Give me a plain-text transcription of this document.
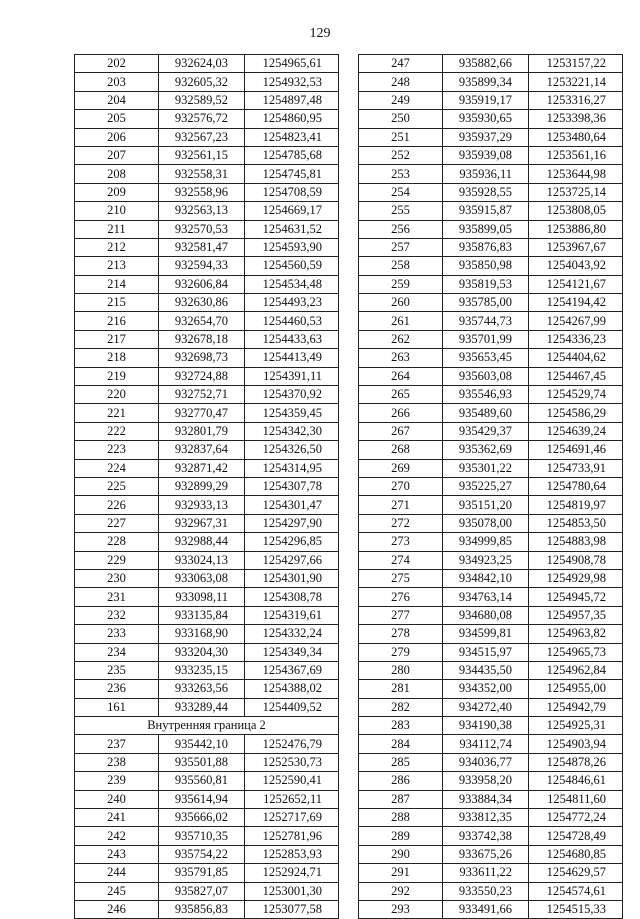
129
202	932624,03	1254965,61
203	932605,32	1254932,53
204	932589,52	1254897,48
205	932576,72	1254860,95
206	932567,23	1254823,41
207	932561,15	1254785,68
208	932558,31	1254745,81
209	932558,96	1254708,59
210	932563,13	1254669,17
211	932570,53	1254631,52
212	932581,47	1254593,90
213	932594,33	1254560,59
214	932606,84	1254534,48
215	932630,86	1254493,23
216	932654,70	1254460,53
217	932678,18	1254433,63
218	932698,73	1254413,49
219	932724,88	1254391,11
220	932752,71	1254370,92
221	932770,47	1254359,45
222	932801,79	1254342,30
223	932837,64	1254326,50
224	932871,42	1254314,95
225	932899,29	1254307,78
226	932933,13	1254301,47
227	932967,31	1254297,90
228	932988,44	1254296,85
229	933024,13	1254297,66
230	933063,08	1254301,90
231	933098,11	1254308,78
232	933135,84	1254319,61
233	933168,90	1254332,24
234	933204,30	1254349,34
235	933235,15	1254367,69
236	933263,56	1254388,02
161	933289,44	1254409,52
Внутренняя граница 2		
237	935442,10	1252476,79
238	935501,88	1252530,73
239	935560,81	1252590,41
240	935614,94	1252652,11
241	935666,02	1252717,69
242	935710,35	1252781,96
243	935754,22	1252853,93
244	935791,85	1252924,71
245	935827,07	1253001,30
246	935856,83	1253077,58
247	935882,66	1253157,22
248	935899,34	1253221,14
249	935919,17	1253316,27
250	935930,65	1253398,36
251	935937,29	1253480,64
252	935939,08	1253561,16
253	935936,11	1253644,98
254	935928,55	1253725,14
255	935915,87	1253808,05
256	935899,05	1253886,80
257	935876,83	1253967,67
258	935850,98	1254043,92
259	935819,53	1254121,67
260	935785,00	1254194,42
261	935744,73	1254267,99
262	935701,99	1254336,23
263	935653,45	1254404,62
264	935603,08	1254467,45
265	935546,93	1254529,74
266	935489,60	1254586,29
267	935429,37	1254639,24
268	935362,69	1254691,46
269	935301,22	1254733,91
270	935225,27	1254780,64
271	935151,20	1254819,97
272	935078,00	1254853,50
273	934999,85	1254883,98
274	934923,25	1254908,78
275	934842,10	1254929,98
276	934763,14	1254945,72
277	934680,08	1254957,35
278	934599,81	1254963,82
279	934515,97	1254965,73
280	934435,50	1254962,84
281	934352,00	1254955,00
282	934272,40	1254942,79
283	934190,38	1254925,31
284	934112,74	1254903,94
285	934036,77	1254878,26
286	933958,20	1254846,61
287	933884,34	1254811,60
288	933812,35	1254772,24
289	933742,38	1254728,49
290	933675,26	1254680,85
291	933611,22	1254629,57
292	933550,23	1254574,61
293	933491,66	1254515,33
